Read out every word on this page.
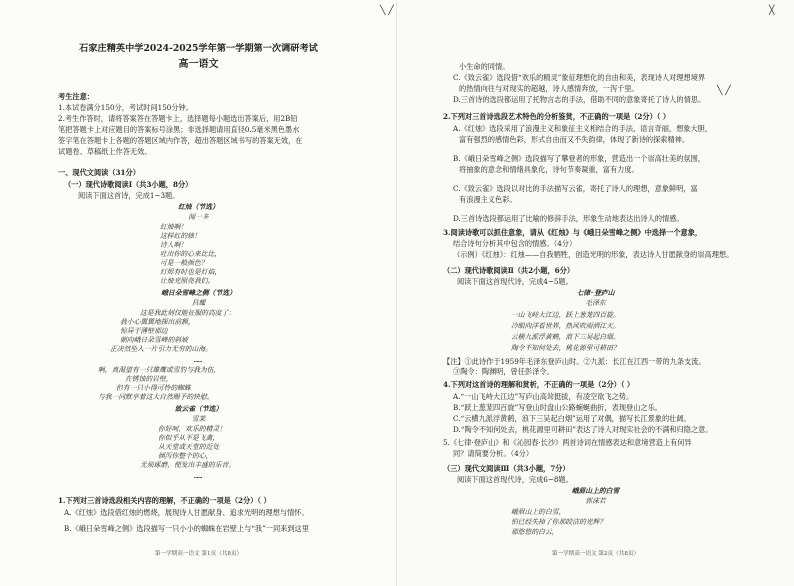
石家庄精英中学2024-2025学年第一学期第一次调研考试
高一语文
考生注意：
1.本试卷满分150分，考试时间150分钟。
2.考生作答时，请将答案答在答题卡上，选择题每小题选出答案后，用2B铅
笔把答题卡上对应题目的答案标号涂黑；非选择题请用直径0.5毫米黑色墨水
签字笔在答题卡上各题的答题区域内作答，超出答题区域书写的答案无效，在
试题卷、草稿纸上作答无效。
一、现代文阅读（31分）
（一）现代诗歌阅读Ⅰ（共3小题，8分）
阅读下面这首诗，完成1~3题。
红烛（节选）
闻一多
红烛啊！
这样红的烛！
诗人啊！
吐出你的心来比比，
可是一般颜色？
灯烬有时也是灯焰，
让烛光照亮我们。
峨日朵雪峰之侧（节选）
昌耀
这是我此刻仅能征服的高度了：
我小心翼翼地探出前额，
惊异于薄壁那边
朝向峨日朵雪峰的斜坡
正决然坠入一片引力无穷的山海。
……
啊，真渴望有一只雄鹰或雪豹与我为伍，
在锈蚀的岩壁，
但有一只小得可怜的蜘蛛
与我一同默享着这大自然赐予的快慰。
致云雀（节选）
雪莱
你好呵，欢乐的精灵！
你似乎从不是飞禽，
从天堂或天堂的近处
倾泻你整个的心，
无须琢磨，便发出丰盛的乐音。
……
1.下列对三首诗选段相关内容的理解，不正确的一项是（2分）（ ）
A.《红烛》选段借红烛的燃烧，展现诗人甘愿献身、追求光明的理想与情怀。
B.《峨日朵雪峰之侧》选段描写一只小小的蜘蛛在岩壁上与“我”一同来到这里
第一学期高一语文 第1页（共8页）
╲ ╱
╲ ╱
╳
小生命的同情。
C.《致云雀》选段借“欢乐的精灵”象征理想化的自由和美，表现诗人对理想境界
的热情向往与对现实的超越，诗人感情奔放，一泻千里。
D.三首诗的选段都运用了托物言志的手法，借助不同的意象寄托了诗人的情思。
2.下列对三首诗选段艺术特色的分析鉴赏，不正确的一项是（2分）（ ）
A.《红烛》选段采用了浪漫主义和象征主义相结合的手法，语言奇丽，想象大胆，
富有强烈的感情色彩，形式自由而又不失韵律，体现了新诗的探索精神。
B.《峨日朵雪峰之侧》选段描写了攀登者的形象，营造出一个崇高壮美的氛围，
将抽象的意念和情绪具象化，诗句节奏凝重，富有力度。
C.《致云雀》选段以对比的手法描写云雀，寄托了诗人的理想，意象鲜明，富
有浪漫主义色彩。
D.三首诗选段都运用了比喻的修辞手法，形象生动地表达出诗人的情感。
3.阅读诗歌可以抓住意象，请从《红烛》与《峨日朵雪峰之侧》中选择一个意象，
结合诗句分析其中包含的情感。（4分）
（示例）《红烛》：红烛——自我牺牲，创造光明的形象，表达诗人甘愿献身的崇高理想。
（二）现代诗歌阅读Ⅱ（共2小题，6分）
阅读下面这首现代诗，完成4~5题。
七律·登庐山
毛泽东
一山飞峙大江边，跃上葱茏四百旋。
冷眼向洋看世界，热风吹雨洒江天。
云横九派浮黄鹤，浪下三吴起白烟。
陶令不知何处去，桃花源里可耕田？
【注】①此诗作于1959年毛泽东登庐山时。②九派：长江在江西一带的九条支流。
③陶令：陶渊明，曾任彭泽令。
4.下列对这首诗的理解和赏析，不正确的一项是（2分）（ ）
A.“一山飞峙大江边”写庐山高耸挺拔，有凌空欲飞之势。
B.“跃上葱茏四百旋”写登山时盘山公路蜿蜒曲折，表现登山之乐。
C.“云横九派浮黄鹤，浪下三吴起白烟”运用了对偶，描写长江景象的壮阔。
D.“陶令不知何处去，桃花源里可耕田”表达了诗人对现实社会的不满和归隐之意。
5.《七律·登庐山》和《沁园春·长沙》两首诗词在情感表达和意境营造上有何异
同？请简要分析。（4分）
（三）现代文阅读Ⅲ（共3小题，7分）
阅读下面这首现代诗，完成6~8题。
峨眉山上的白雪
郭沫若
峨眉山上的白雪，
怕已经失掉了你那皎洁的光辉？
那悠悠的白云，
第一学期高一语文 第2页（共8页）
